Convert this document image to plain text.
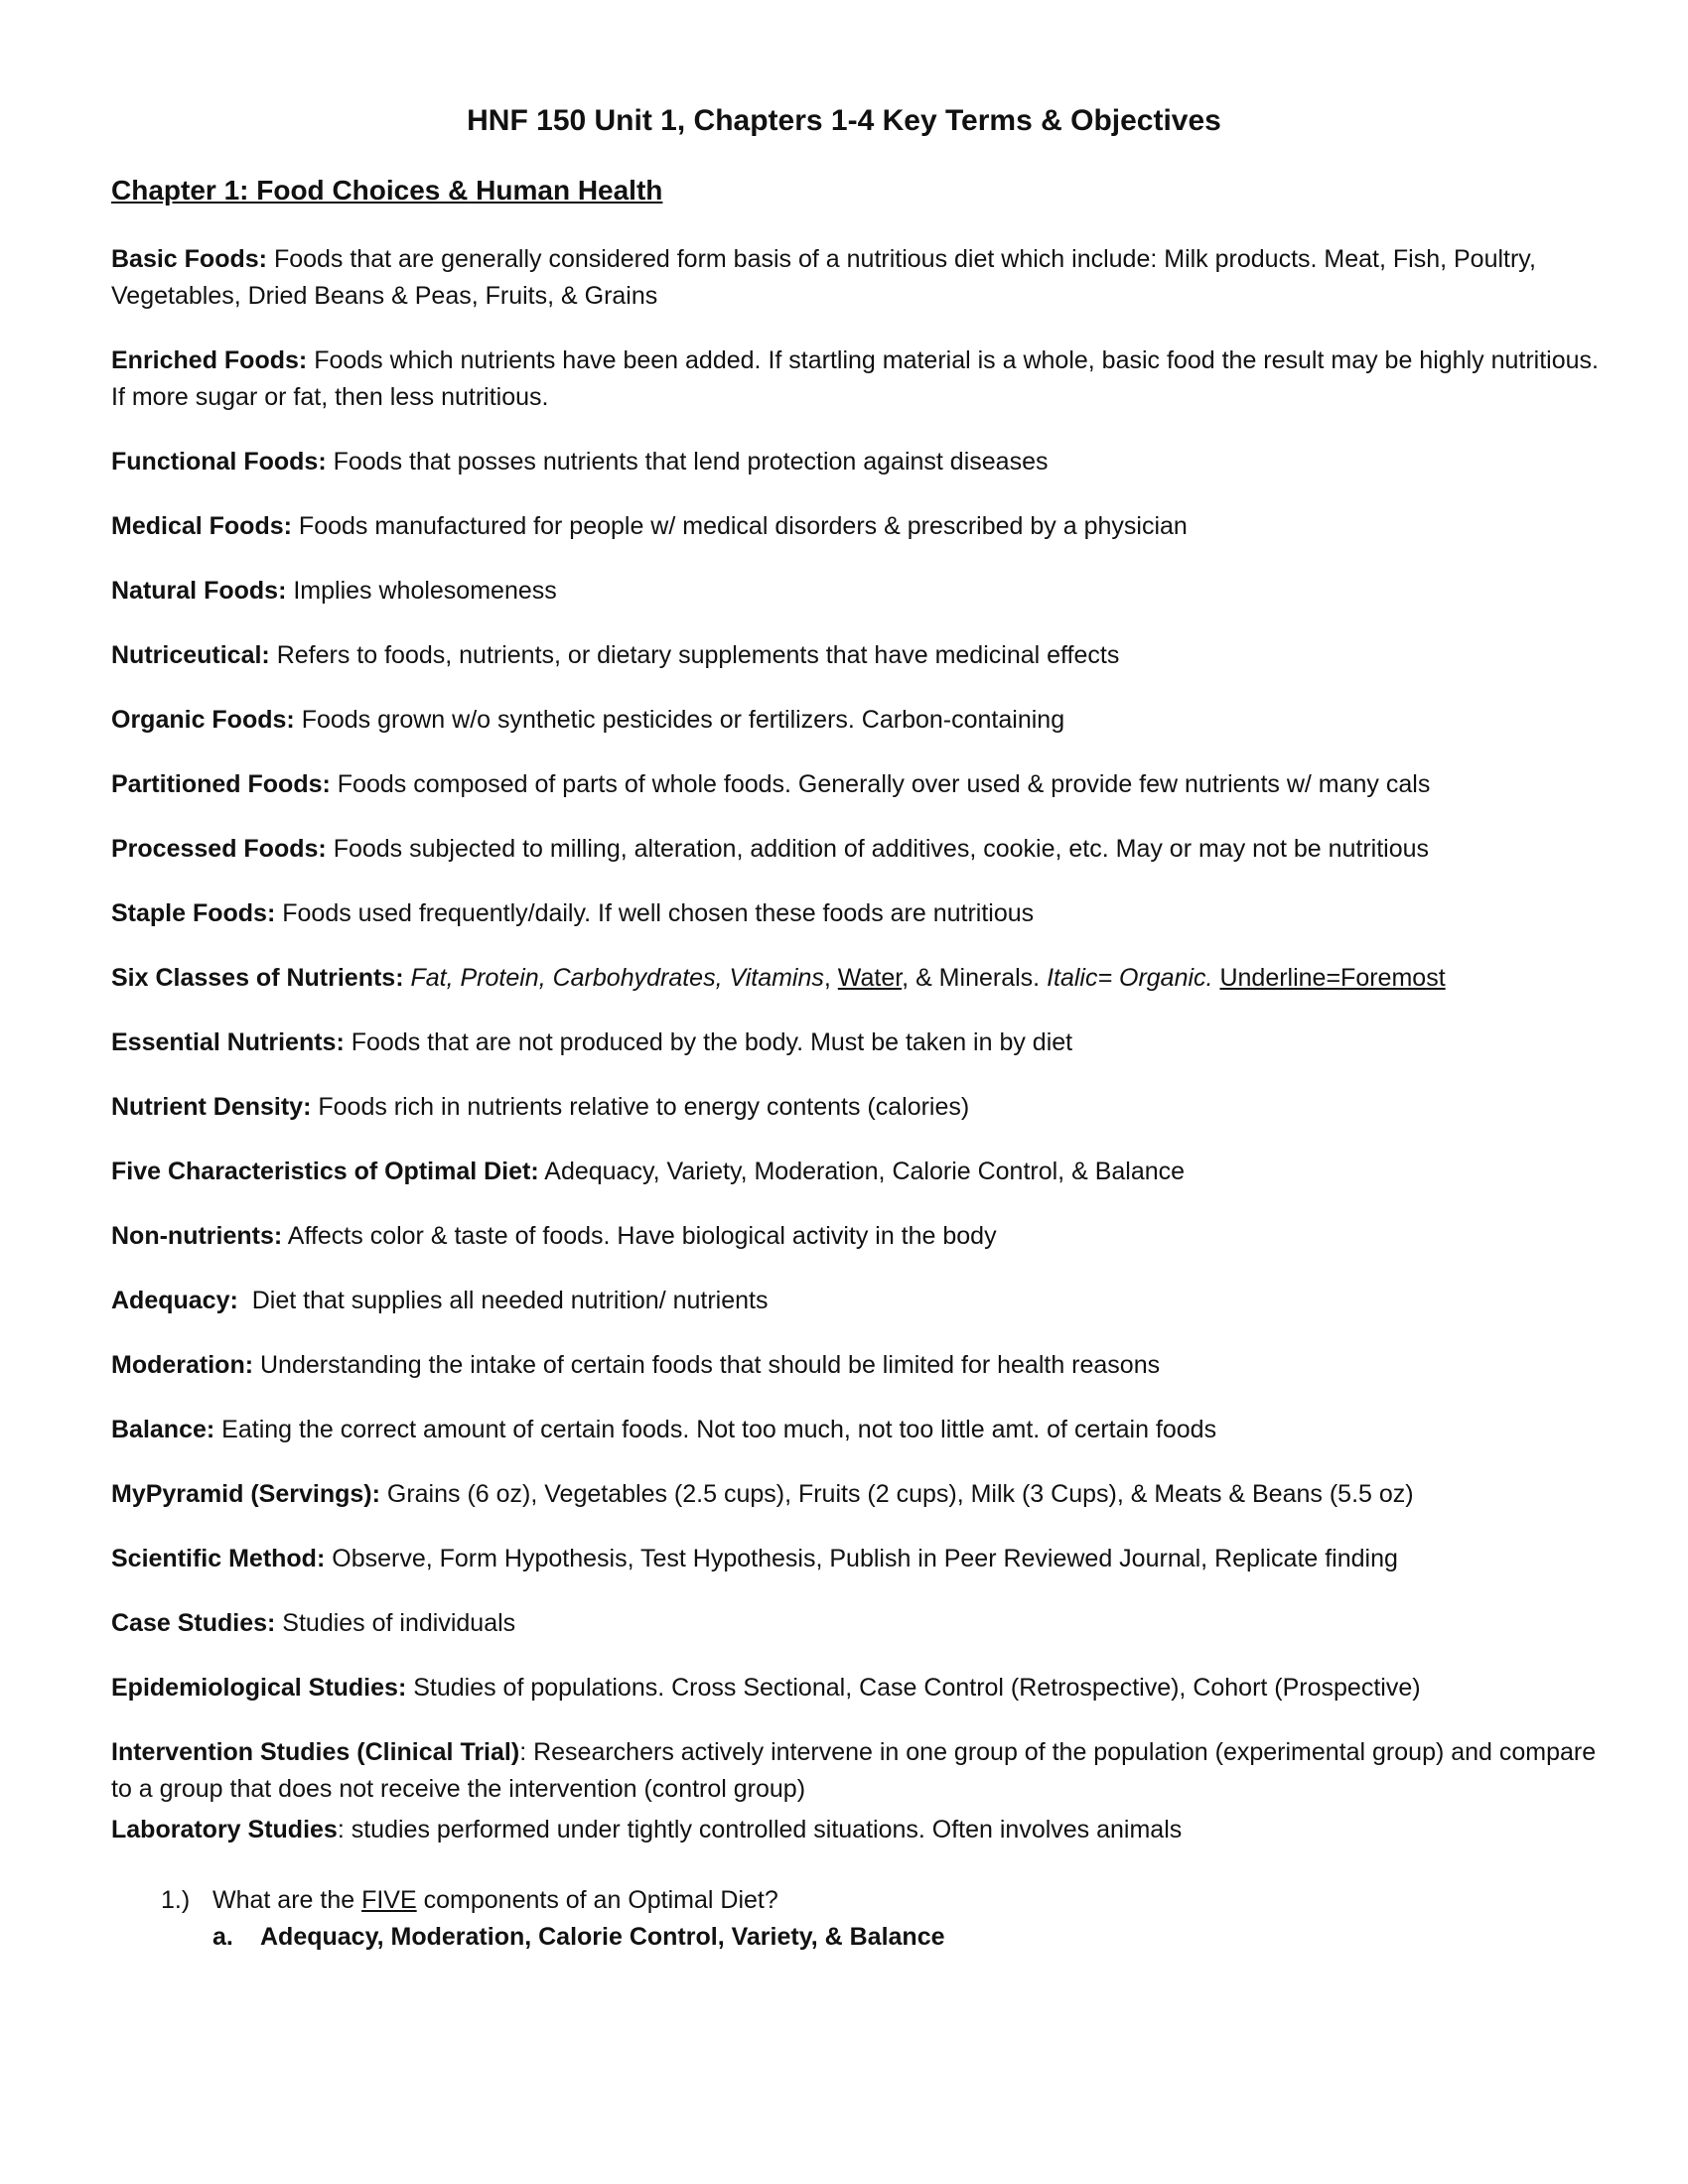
HNF 150 Unit 1, Chapters 1-4 Key Terms & Objectives
Chapter 1: Food Choices & Human Health
Basic Foods: Foods that are generally considered form basis of a nutritious diet which include: Milk products. Meat, Fish, Poultry, Vegetables, Dried Beans & Peas, Fruits, & Grains
Enriched Foods: Foods which nutrients have been added. If startling material is a whole, basic food the result may be highly nutritious. If more sugar or fat, then less nutritious.
Functional Foods: Foods that posses nutrients that lend protection against diseases
Medical Foods: Foods manufactured for people w/ medical disorders & prescribed by a physician
Natural Foods: Implies wholesomeness
Nutriceutical: Refers to foods, nutrients, or dietary supplements that have medicinal effects
Organic Foods: Foods grown w/o synthetic pesticides or fertilizers. Carbon-containing
Partitioned Foods: Foods composed of parts of whole foods. Generally over used & provide few nutrients w/ many cals
Processed Foods: Foods subjected to milling, alteration, addition of additives, cookie, etc. May or may not be nutritious
Staple Foods: Foods used frequently/daily. If well chosen these foods are nutritious
Six Classes of Nutrients: Fat, Protein, Carbohydrates, Vitamins, Water, & Minerals. Italic= Organic. Underline=Foremost
Essential Nutrients: Foods that are not produced by the body. Must be taken in by diet
Nutrient Density: Foods rich in nutrients relative to energy contents (calories)
Five Characteristics of Optimal Diet: Adequacy, Variety, Moderation, Calorie Control, & Balance
Non-nutrients: Affects color & taste of foods. Have biological activity in the body
Adequacy: Diet that supplies all needed nutrition/ nutrients
Moderation: Understanding the intake of certain foods that should be limited for health reasons
Balance: Eating the correct amount of certain foods. Not too much, not too little amt. of certain foods
MyPyramid (Servings): Grains (6 oz), Vegetables (2.5 cups), Fruits (2 cups), Milk (3 Cups), & Meats & Beans (5.5 oz)
Scientific Method: Observe, Form Hypothesis, Test Hypothesis, Publish in Peer Reviewed Journal, Replicate finding
Case Studies: Studies of individuals
Epidemiological Studies: Studies of populations. Cross Sectional, Case Control (Retrospective), Cohort (Prospective)
Intervention Studies (Clinical Trial): Researchers actively intervene in one group of the population (experimental group) and compare to a group that does not receive the intervention (control group)
Laboratory Studies: studies performed under tightly controlled situations. Often involves animals
1.) What are the FIVE components of an Optimal Diet?
a.	Adequacy, Moderation, Calorie Control, Variety, & Balance
